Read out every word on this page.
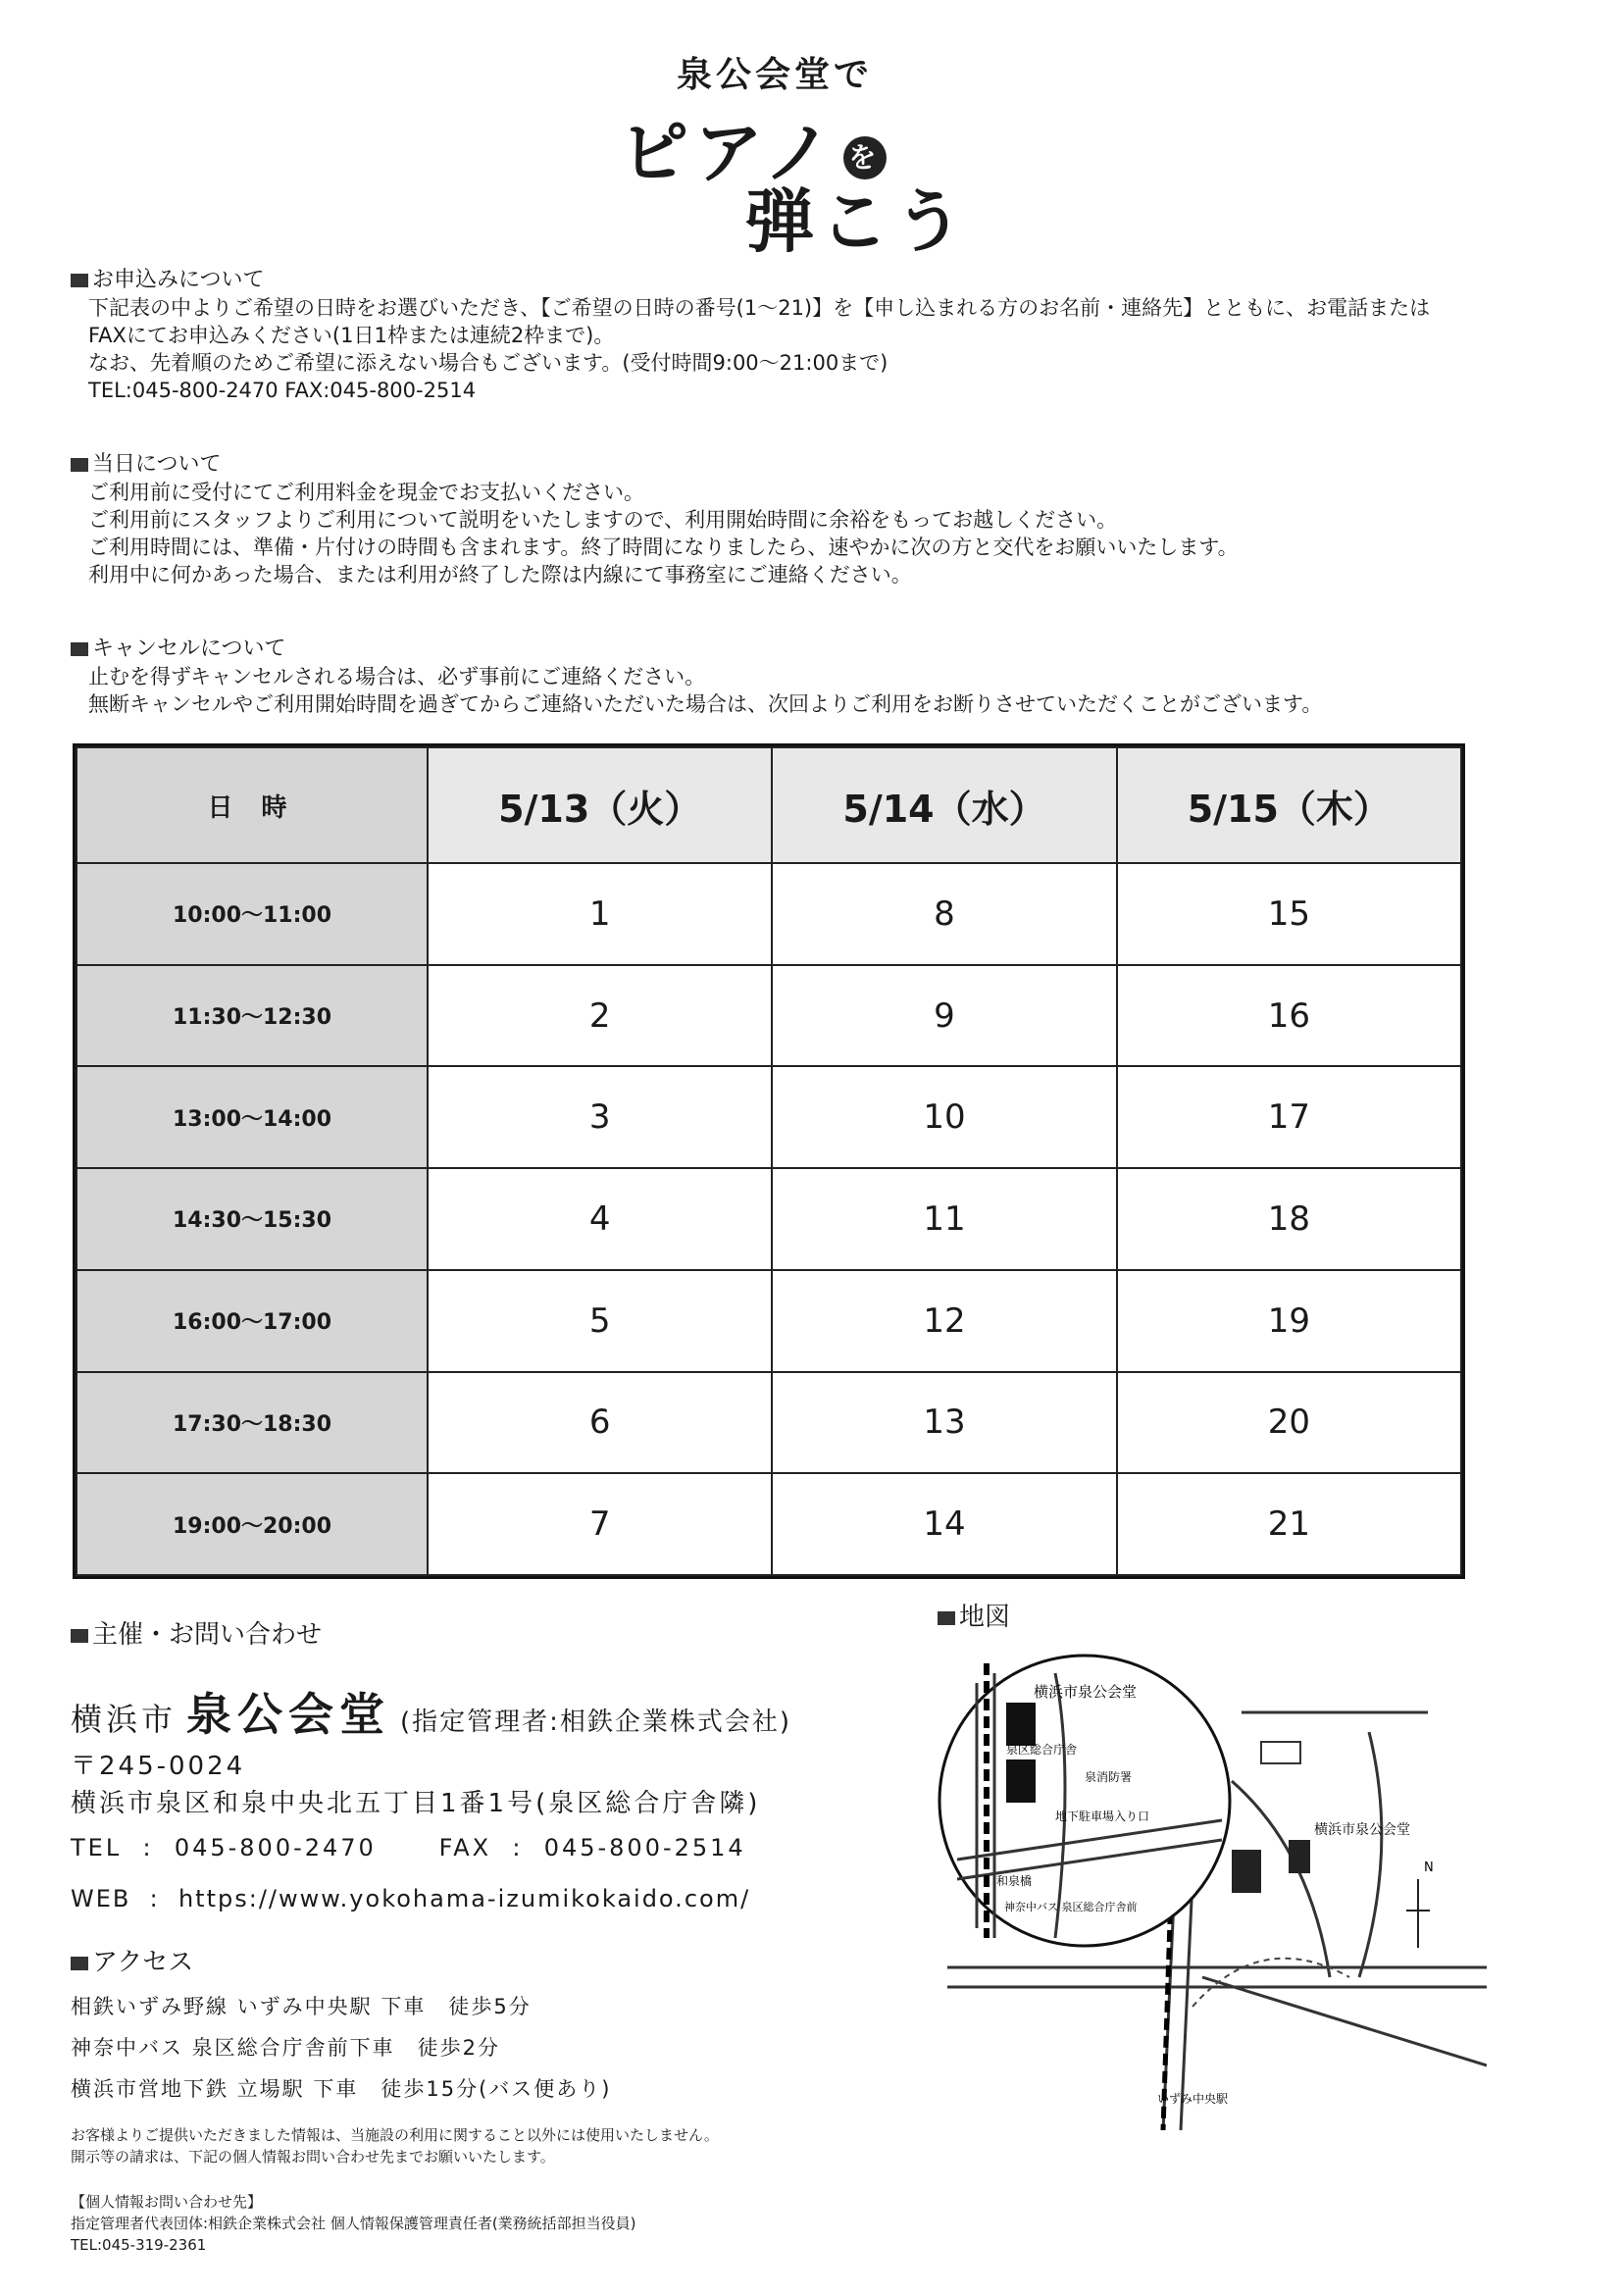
泉公会堂で
ピアノ を
弾こう
お申込みについて
下記表の中よりご希望の日時をお選びいただき、【ご希望の日時の番号(1～21)】を【申し込まれる方のお名前・連絡先】とともに、お電話または
FAXにてお申込みください(1日1枠または連続2枠まで)。
なお、先着順のためご希望に添えない場合もございます。(受付時間9:00～21:00まで)
TEL:045-800-2470 FAX:045-800-2514
当日について
ご利用前に受付にてご利用料金を現金でお支払いください。
ご利用前にスタッフよりご利用について説明をいたしますので、利用開始時間に余裕をもってお越しください。
ご利用時間には、準備・片付けの時間も含まれます。終了時間になりましたら、速やかに次の方と交代をお願いいたします。
利用中に何かあった場合、または利用が終了した際は内線にて事務室にご連絡ください。
キャンセルについて
止むを得ずキャンセルされる場合は、必ず事前にご連絡ください。
無断キャンセルやご利用開始時間を過ぎてからご連絡いただいた場合は、次回よりご利用をお断りさせていただくことがございます。
日 時	5/13（火）	5/14（水）	5/15（木）
10:00～11:00	1	8	15
11:30～12:30	2	9	16
13:00～14:00	3	10	17
14:30～15:30	4	11	18
16:00～17:00	5	12	19
17:30～18:30	6	13	20
19:00～20:00	7	14	21
主催・お問い合わせ
横浜市 泉公会堂 (指定管理者:相鉄企業株式会社)
〒245-0024
横浜市泉区和泉中央北五丁目1番1号(泉区総合庁舎隣)
TEL  :  045-800-2470	FAX  :  045-800-2514
WEB  :  https://www.yokohama-izumikokaido.com/
アクセス
相鉄いずみ野線 いずみ中央駅 下車　徒歩5分
神奈中バス 泉区総合庁舎前下車　徒歩2分
横浜市営地下鉄 立場駅 下車　徒歩15分(バス便あり)
お客様よりご提供いただきました情報は、当施設の利用に関すること以外には使用いたしません。
開示等の請求は、下記の個人情報お問い合わせ先までお願いいたします。
【個人情報お問い合わせ先】
指定管理者代表団体:相鉄企業株式会社 個人情報保護管理責任者(業務統括部担当役員)
TEL:045-319-2361
地図
横浜市泉公会堂
いずみ中央駅
N
横浜市泉公会堂
泉区総合庁舎
泉消防署
地下駐車場入り口
和泉橋
神奈中バス 泉区総合庁舎前
